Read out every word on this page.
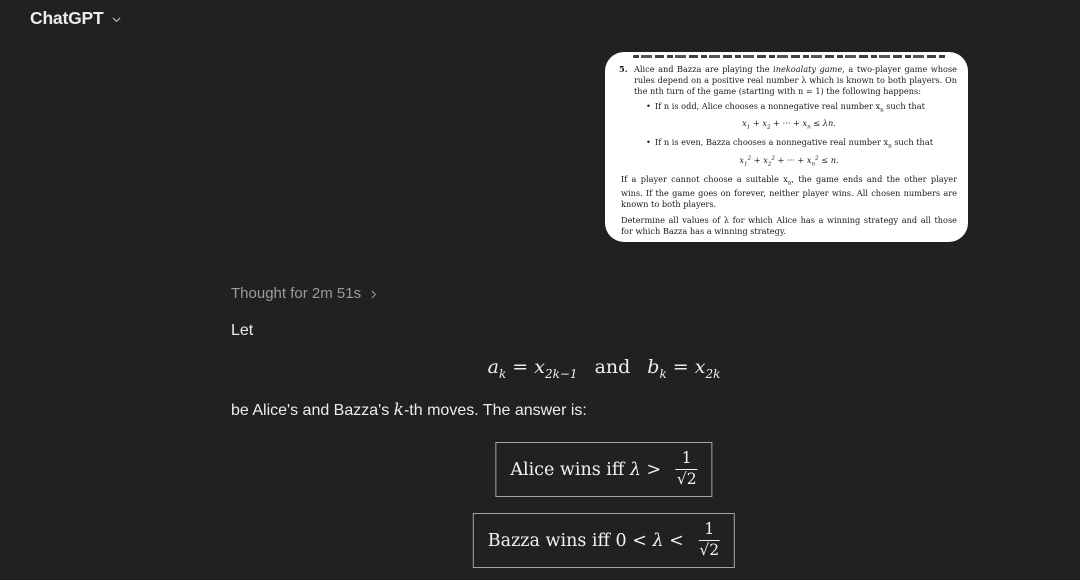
ChatGPT
5. Alice and Bazza are playing the inekoalaty game, a two-player game whose rules depend on a positive real number λ which is known to both players. On the nth turn of the game (starting with n = 1) the following happens:
• If n is odd, Alice chooses a nonnegative real number $x_n$ such that
$x_1 + x_2$ + ··· + $x_n \le \lambda n$.
• If n is even, Bazza chooses a nonnegative real number $x_n$ such that
$x_1^2 + x_2^2$ + ··· + $x_n^2 \le n$.
If a player cannot choose a suitable $x_n$, the game ends and the other player wins. If the game goes on forever, neither player wins. All chosen numbers are known to both players.
Determine all values of λ for which Alice has a winning strategy and all those for which Bazza has a winning strategy.
Thought for 2m 51s

Let

$a_k = x_{2k-1}$ and $b_k = x_{2k}$

be Alice's and Bazza's k-th moves. The answer is:

Alice wins iff $\lambda > \frac{1}{√2}$
Bazza wins iff $0 < \lambda < \frac{1}{√2}$
